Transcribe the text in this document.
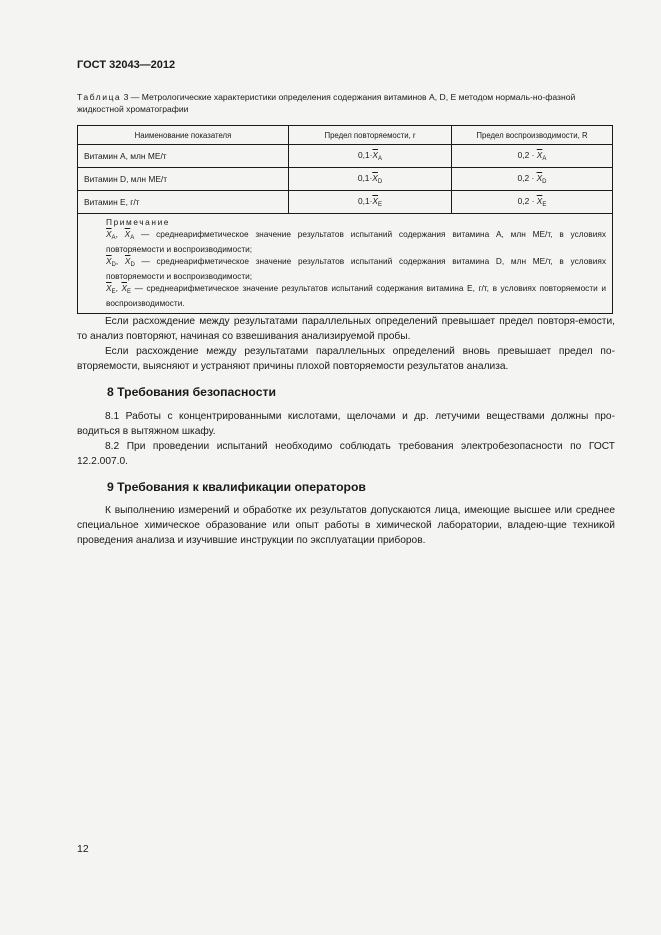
ГОСТ 32043—2012
Таблица 3 — Метрологические характеристики определения содержания витаминов A, D, E методом нормаль-но-фазной жидкостной хроматографии
Наименование показателя	Предел повторяемости, r	Предел воспроизводимости, R
Витамин A, млн МЕ/т	$0,1\cdot\overline{X}_A$	$0,2 \cdot \overline{X}_A$
Витамин D, млн МЕ/т	$0,1\cdot\overline{X}_D$	$0,2 \cdot \overline{X}_D$
Витамин E, г/т	$0,1\cdot\overline{X}_E$	$0,2 \cdot \overline{X}_E$

Примечание
$\overline{X}_A$, $\overline{X}_A$ — среднеарифметическое значение результатов испытаний содержания витамина A, млн МЕ/т, в условиях повторяемости и воспроизводимости;
$\overline{X}_D$, $\overline{X}_D$ — среднеарифметическое значение результатов испытаний содержания витамина D, млн МЕ/т, в условиях повторяемости и воспроизводимости;
$\overline{X}_E$, $\overline{X}_E$ — среднеарифметическое значение результатов испытаний содержания витамина E, г/т, в условиях повторяемости и воспроизводимости.		

Если расхождение между результатами параллельных определений превышает предел повторя-емости, то анализ повторяют, начиная со взвешивания анализируемой пробы.

Если расхождение между результатами параллельных определений вновь превышает предел по-вторяемости, выясняют и устраняют причины плохой повторяемости результатов анализа.

8 Требования безопасности

8.1 Работы с концентрированными кислотами, щелочами и др. летучими веществами должны про-водиться в вытяжном шкафу.

8.2 При проведении испытаний необходимо соблюдать требования электробезопасности по ГОСТ 12.2.007.0.

9 Требования к квалификации операторов

К выполнению измерений и обработке их результатов допускаются лица, имеющие высшее или среднее специальное химическое образование или опыт работы в химической лаборатории, владею-щие техникой проведения анализа и изучившие инструкции по эксплуатации приборов.

12
